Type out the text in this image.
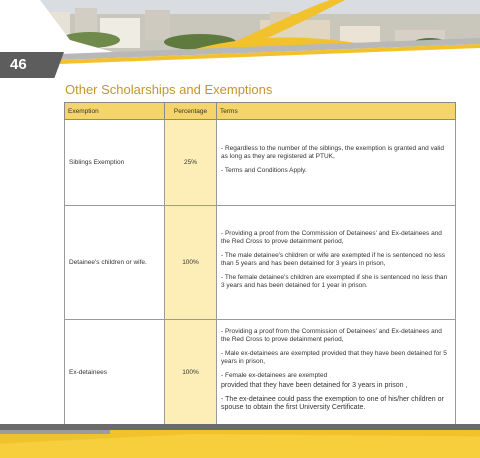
46
Other Scholarships and Exemptions
Exemption	Percentage	Terms
Siblings Exemption	25%	- Regardless to the number of the siblings, the exemption is granted and valid as long as they are registered at PTUK,

- Terms and Conditions Apply.

Detainee's children or wife.	100%	- Providing a proof from the Commission of Detainees' and Ex-detainees and the Red Cross to prove detainment period,

- The male detainee's children or wife are exempted if he is sentenced no less than 5 years and has been detained for 3 years in prison,

- The female detainee's children are exempted if she is sentenced no less than 3 years and has been detained for 1 year in prison.

Ex-detainees	100%	- Providing a proof from the Commission of Detainees' and Ex-detainees and the Red Cross to prove detainment period,

- Male ex-detainees are exempted provided that they have been detained for 5 years in prison,

- Female ex-detainees are exempted

provided that they have been detained for 3 years in prison ,

- The ex-detainee could pass the exemption to one of his/her children or spouse to obtain the first University Certificate.
